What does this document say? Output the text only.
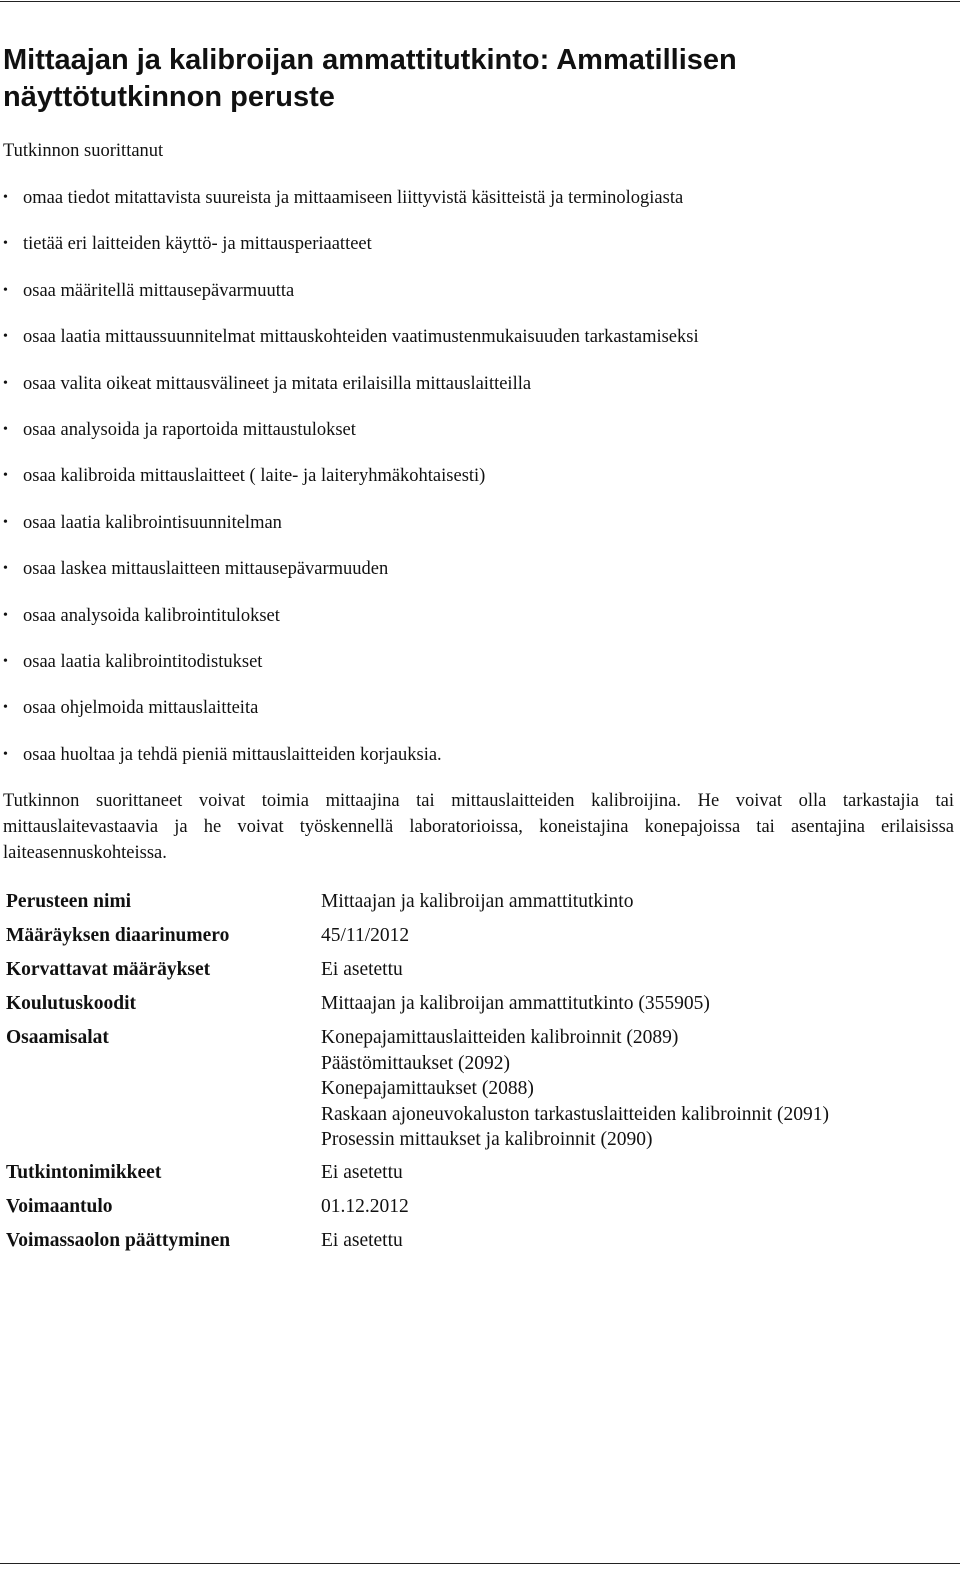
Mittaajan ja kalibroijan ammattitutkinto: Ammatillisen näyttötutkinnon peruste
Tutkinnon suorittanut
• omaa tiedot mitattavista suureista ja mittaamiseen liittyvistä käsitteistä ja terminologiasta
• tietää eri laitteiden käyttö- ja mittausperiaatteet
• osaa määritellä mittausepävarmuutta
• osaa laatia mittaussuunnitelmat mittauskohteiden vaatimustenmukaisuuden tarkastamiseksi
• osaa valita oikeat mittausvälineet ja mitata erilaisilla mittauslaitteilla
• osaa analysoida ja raportoida mittaustulokset
• osaa kalibroida mittauslaitteet ( laite- ja laiteryhmäkohtaisesti)
• osaa laatia kalibrointisuunnitelman
• osaa laskea mittauslaitteen mittausepävarmuuden
• osaa analysoida kalibrointitulokset
• osaa laatia kalibrointitodistukset
• osaa ohjelmoida mittauslaitteita
• osaa huoltaa ja tehdä pieniä mittauslaitteiden korjauksia.

Tutkinnon suorittaneet voivat toimia mittaajina tai mittauslaitteiden kalibroijina. He voivat olla tarkastajia tai mittauslaitevastaavia ja he voivat työskennellä laboratorioissa, koneistajina konepajoissa tai asentajina erilaisissa laiteasennuskohteissa.

Perusteen nimi	Mittaajan ja kalibroijan ammattitutkinto
Määräyksen diaarinumero	45/11/2012
Korvattavat määräykset	Ei asetettu
Koulutuskoodit	Mittaajan ja kalibroijan ammattitutkinto (355905)
Osaamisalat	Konepajamittauslaitteiden kalibroinnit (2089)
Päästömittaukset (2092)
Konepajamittaukset (2088)
Raskaan ajoneuvokaluston tarkastuslaitteiden kalibroinnit (2091)
Prosessin mittaukset ja kalibroinnit (2090)
Tutkintonimikkeet	Ei asetettu
Voimaantulo	01.12.2012
Voimassaolon päättyminen	Ei asetettu
